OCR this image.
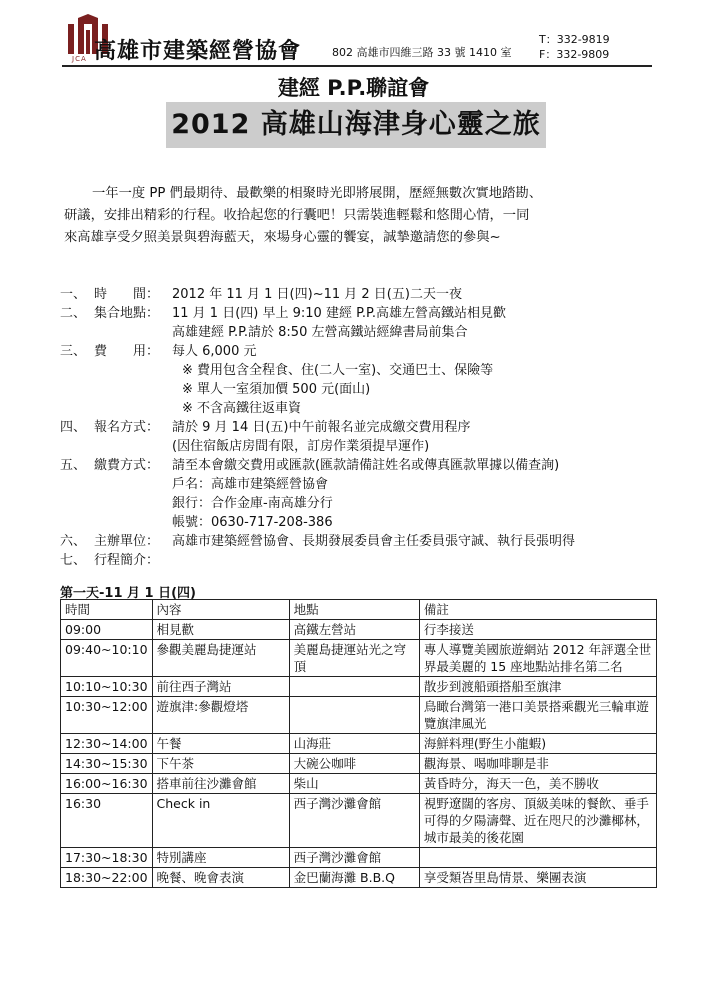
JCA 高雄市建築經營協會	802 高雄市四維三路 33 號 1410 室
T：332-9819
F：332-9809
建經 P.P.聯誼會
2012 高雄山海津身心靈之旅

一年一度 PP 們最期待、最歡樂的相聚時光即將展開，歷經無數次實地踏勘、

研議，安排出精彩的行程。收拾起您的行囊吧！只需裝進輕鬆和悠閒心情，一同

來高雄享受夕照美景與碧海藍天，來場身心靈的饗宴，誠摯邀請您的參與~

一、 時　　間： 2012 年 11 月 1 日(四)~11 月 2 日(五)二天一夜
二、 集合地點： 11 月 1 日(四) 早上 9:10 建經 P.P.高雄左營高鐵站相見歡
高雄建經 P.P.請於 8:50 左營高鐵站經緯書局前集合
三、 費　　用： 每人 6,000 元
※ 費用包含全程食、住(二人一室)、交通巴士、保險等
※ 單人一室須加價 500 元(面山)
※ 不含高鐵往返車資
四、 報名方式： 請於 9 月 14 日(五)中午前報名並完成繳交費用程序
(因住宿飯店房間有限，訂房作業須提早運作)
五、 繳費方式： 請至本會繳交費用或匯款(匯款請備註姓名或傳真匯款單據以備查詢)
戶名：高雄市建築經營協會
銀行：合作金庫-南高雄分行
帳號：0630-717-208-386
六、 主辦單位： 高雄市建築經營協會、長期發展委員會主任委員張守誠、執行長張明得
七、 行程簡介：
第一天-11 月 1 日(四)
時間	內容	地點	備註
09:00	相見歡	高鐵左營站	行李接送
09:40~10:10	參觀美麗島捷運站	美麗島捷運站光之穹頂	專人導覽美國旅遊網站 2012 年評選全世界最美麗的 15 座地點站排名第二名
10:10~10:30	前往西子灣站		散步到渡船頭搭船至旗津
10:30~12:00	遊旗津:參觀燈塔		鳥瞰台灣第一港口美景搭乘觀光三輪車遊覽旗津風光
12:30~14:00	午餐	山海莊	海鮮料理(野生小龍蝦)
14:30~15:30	下午茶	大碗公咖啡	觀海景、喝咖啡聊是非
16:00~16:30	搭車前往沙灘會館	柴山	黃昏時分，海天一色，美不勝收
16:30	Check in	西子灣沙灘會館	視野遼闊的客房、頂級美味的餐飲、垂手可得的夕陽濤聲、近在咫尺的沙灘椰林，城市最美的後花園
17:30~18:30	特別講座	西子灣沙灘會館	
18:30~22:00	晚餐、晚會表演	金巴蘭海灘 B.B.Q	享受類峇里島情景、樂團表演
